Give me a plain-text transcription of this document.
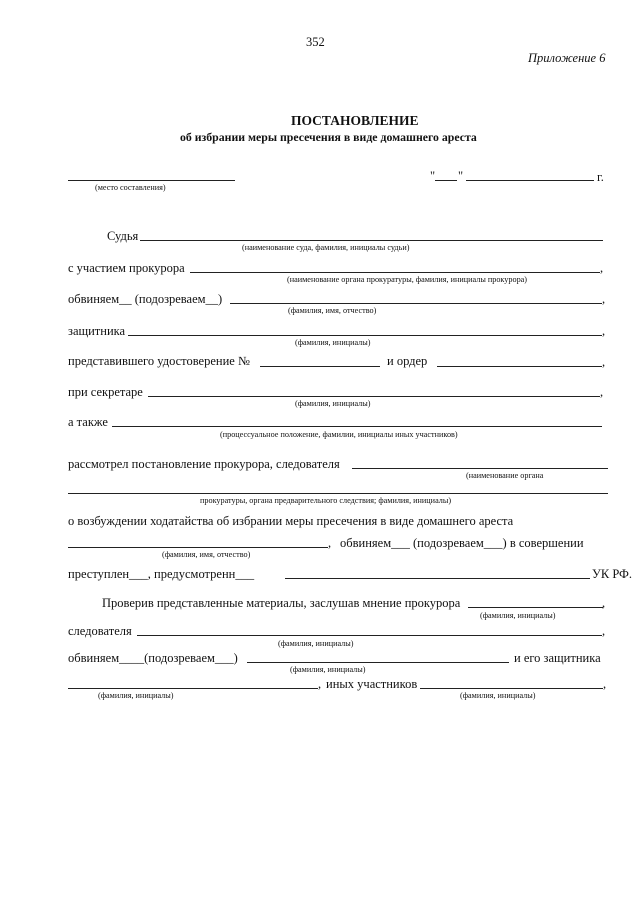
352
Приложение 6
ПОСТАНОВЛЕНИЕ
об избрании меры пресечения в виде домашнего ареста
(место составления)
" "	г.
Судья
(наименование суда, фамилия, инициалы судьи)
с участием прокурора	,
(наименование органа прокуратуры, фамилия, инициалы прокурора)
обвиняем__ (подозреваем__)	,
(фамилия, имя, отчество)
защитника	,
(фамилия, инициалы)
представившего удостоверение №	и ордер	,
при секретаре	,
(фамилия, инициалы)
а также
(процессуальное положение, фамилии, инициалы иных участников)
рассмотрел постановление прокурора, следователя
(наименование органа
прокуратуры, органа предварительного следствия; фамилия, инициалы)
о возбуждении ходатайства об избрании меры пресечения в виде домашнего ареста
, обвиняем___ (подозреваем___) в совершении
(фамилия, имя, отчество)
преступлен___, предусмотренн___	УК РФ.
Проверив представленные материалы, заслушав мнение прокурора	,
(фамилия, инициалы)
следователя	,
(фамилия, инициалы)
обвиняем____(подозреваем___)	и его защитника
(фамилия, инициалы)
, иных участников	,
(фамилия, инициалы)	(фамилия, инициалы)
